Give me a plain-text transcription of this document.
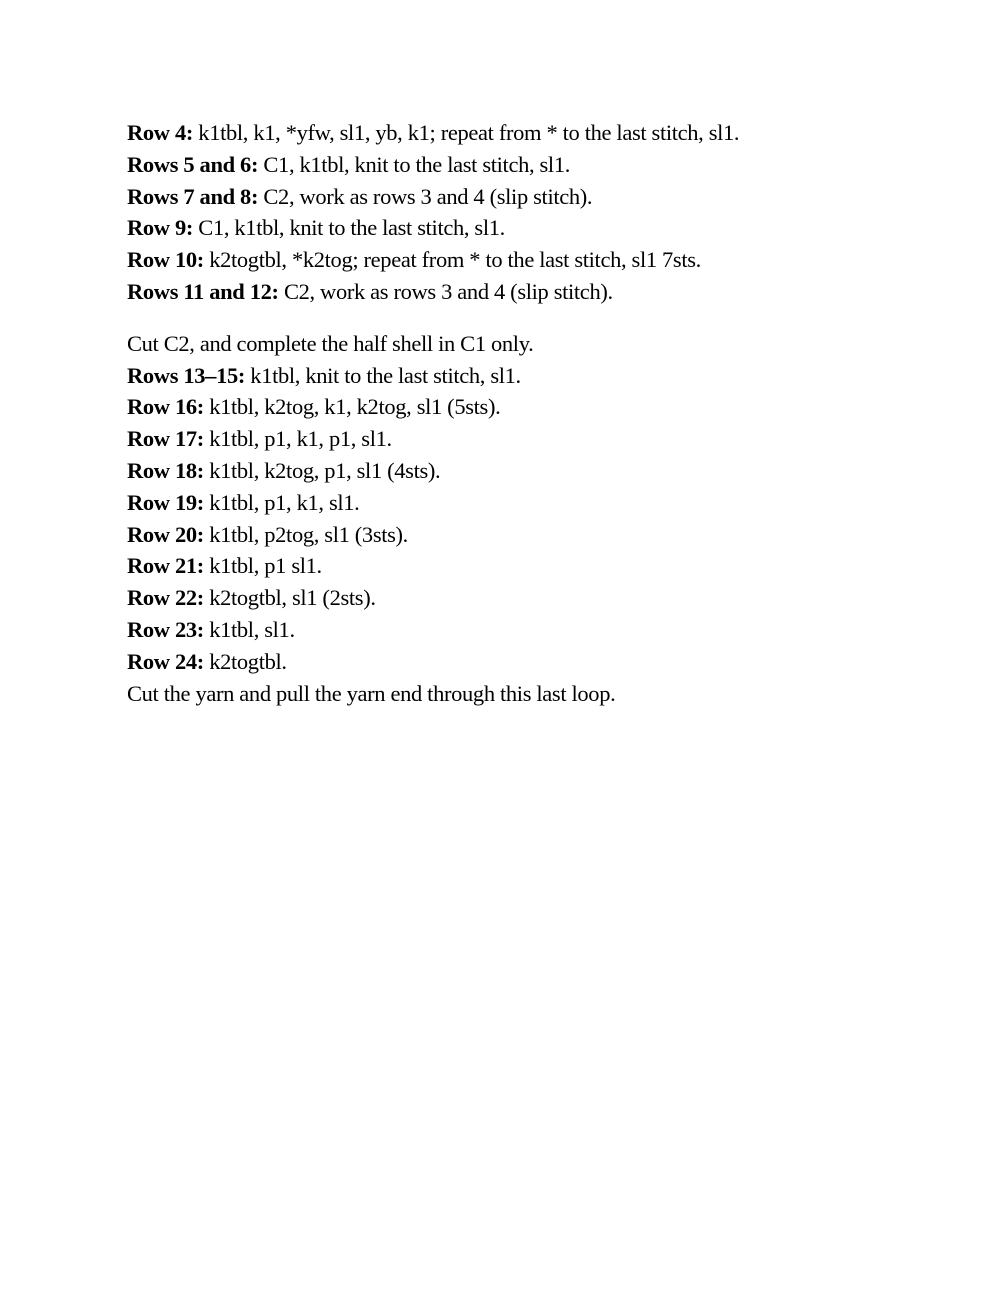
Row 4: k1tbl, k1, *yfw, sl1, yb, k1; repeat from * to the last stitch, sl1.
Rows 5 and 6: C1, k1tbl, knit to the last stitch, sl1.
Rows 7 and 8: C2, work as rows 3 and 4 (slip stitch).
Row 9: C1, k1tbl, knit to the last stitch, sl1.
Row 10: k2togtbl, *k2tog; repeat from * to the last stitch, sl1 7sts.
Rows 11 and 12: C2, work as rows 3 and 4 (slip stitch).
Cut C2, and complete the half shell in C1 only.
Rows 13–15: k1tbl, knit to the last stitch, sl1.
Row 16: k1tbl, k2tog, k1, k2tog, sl1 (5sts).
Row 17: k1tbl, p1, k1, p1, sl1.
Row 18: k1tbl, k2tog, p1, sl1 (4sts).
Row 19: k1tbl, p1, k1, sl1.
Row 20: k1tbl, p2tog, sl1 (3sts).
Row 21: k1tbl, p1 sl1.
Row 22: k2togtbl, sl1 (2sts).
Row 23: k1tbl, sl1.
Row 24: k2togtbl.
Cut the yarn and pull the yarn end through this last loop.
